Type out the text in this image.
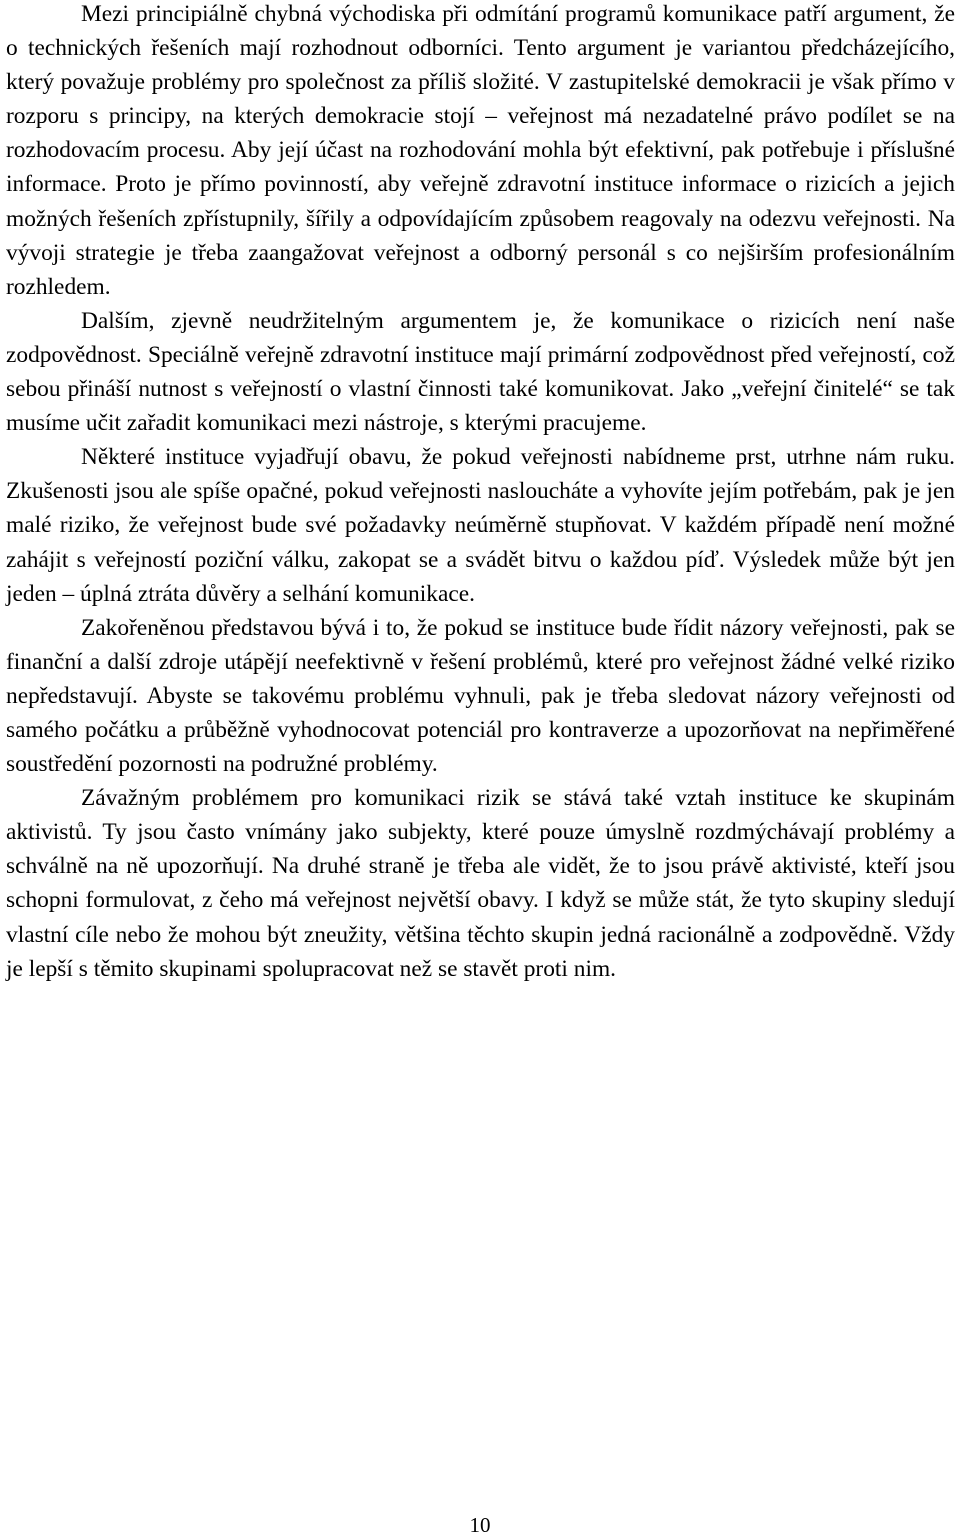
Mezi principiálně chybná východiska při odmítání programů komunikace patří argument, že o technických řešeních mají rozhodnout odborníci. Tento argument je variantou předcházejícího, který považuje problémy pro společnost za příliš složité. V zastupitelské demokracii je však přímo v rozporu s principy, na kterých demokracie stojí – veřejnost má nezadatelné právo podílet se na rozhodovacím procesu. Aby její účast na rozhodování mohla být efektivní, pak potřebuje i příslušné informace. Proto je přímo povinností, aby veřejně zdravotní instituce informace o rizicích a jejich možných řešeních zpřístupnily, šířily a odpovídajícím způsobem reagovaly na odezvu veřejnosti. Na vývoji strategie je třeba zaangažovat veřejnost a odborný personál s co nejširším profesionálním rozhledem.

Dalším, zjevně neudržitelným argumentem je, že komunikace o rizicích není naše zodpovědnost. Speciálně veřejně zdravotní instituce mají primární zodpovědnost před veřejností, což sebou přináší nutnost s veřejností o vlastní činnosti také komunikovat. Jako „veřejní činitelé“ se tak musíme učit zařadit komunikaci mezi nástroje, s kterými pracujeme.

Některé instituce vyjadřují obavu, že pokud veřejnosti nabídneme prst, utrhne nám ruku. Zkušenosti jsou ale spíše opačné, pokud veřejnosti nasloucháte a vyhovíte jejím potřebám, pak je jen malé riziko, že veřejnost bude své požadavky neúměrně stupňovat. V každém případě není možné zahájit s veřejností poziční válku, zakopat se a svádět bitvu o každou píď. Výsledek může být jen jeden – úplná ztráta důvěry a selhání komunikace.

Zakořeněnou představou bývá i to, že pokud se instituce bude řídit názory veřejnosti, pak se finanční a další zdroje utápějí neefektivně v řešení problémů, které pro veřejnost žádné velké riziko nepředstavují. Abyste se takovému problému vyhnuli, pak je třeba sledovat názory veřejnosti od samého počátku a průběžně vyhodnocovat potenciál pro kontraverze a upozorňovat na nepřiměřené soustředění pozornosti na podružné problémy.

Závažným problémem pro komunikaci rizik se stává také vztah instituce ke skupinám aktivistů. Ty jsou často vnímány jako subjekty, které pouze úmyslně rozdmýchávají problémy a schválně na ně upozorňují. Na druhé straně je třeba ale vidět, že to jsou právě aktivisté, kteří jsou schopni formulovat, z čeho má veřejnost největší obavy. I když se může stát, že tyto skupiny sledují vlastní cíle nebo že mohou být zneužity, většina těchto skupin jedná racionálně a zodpovědně. Vždy je lepší s těmito skupinami spolupracovat než se stavět proti nim.

10
